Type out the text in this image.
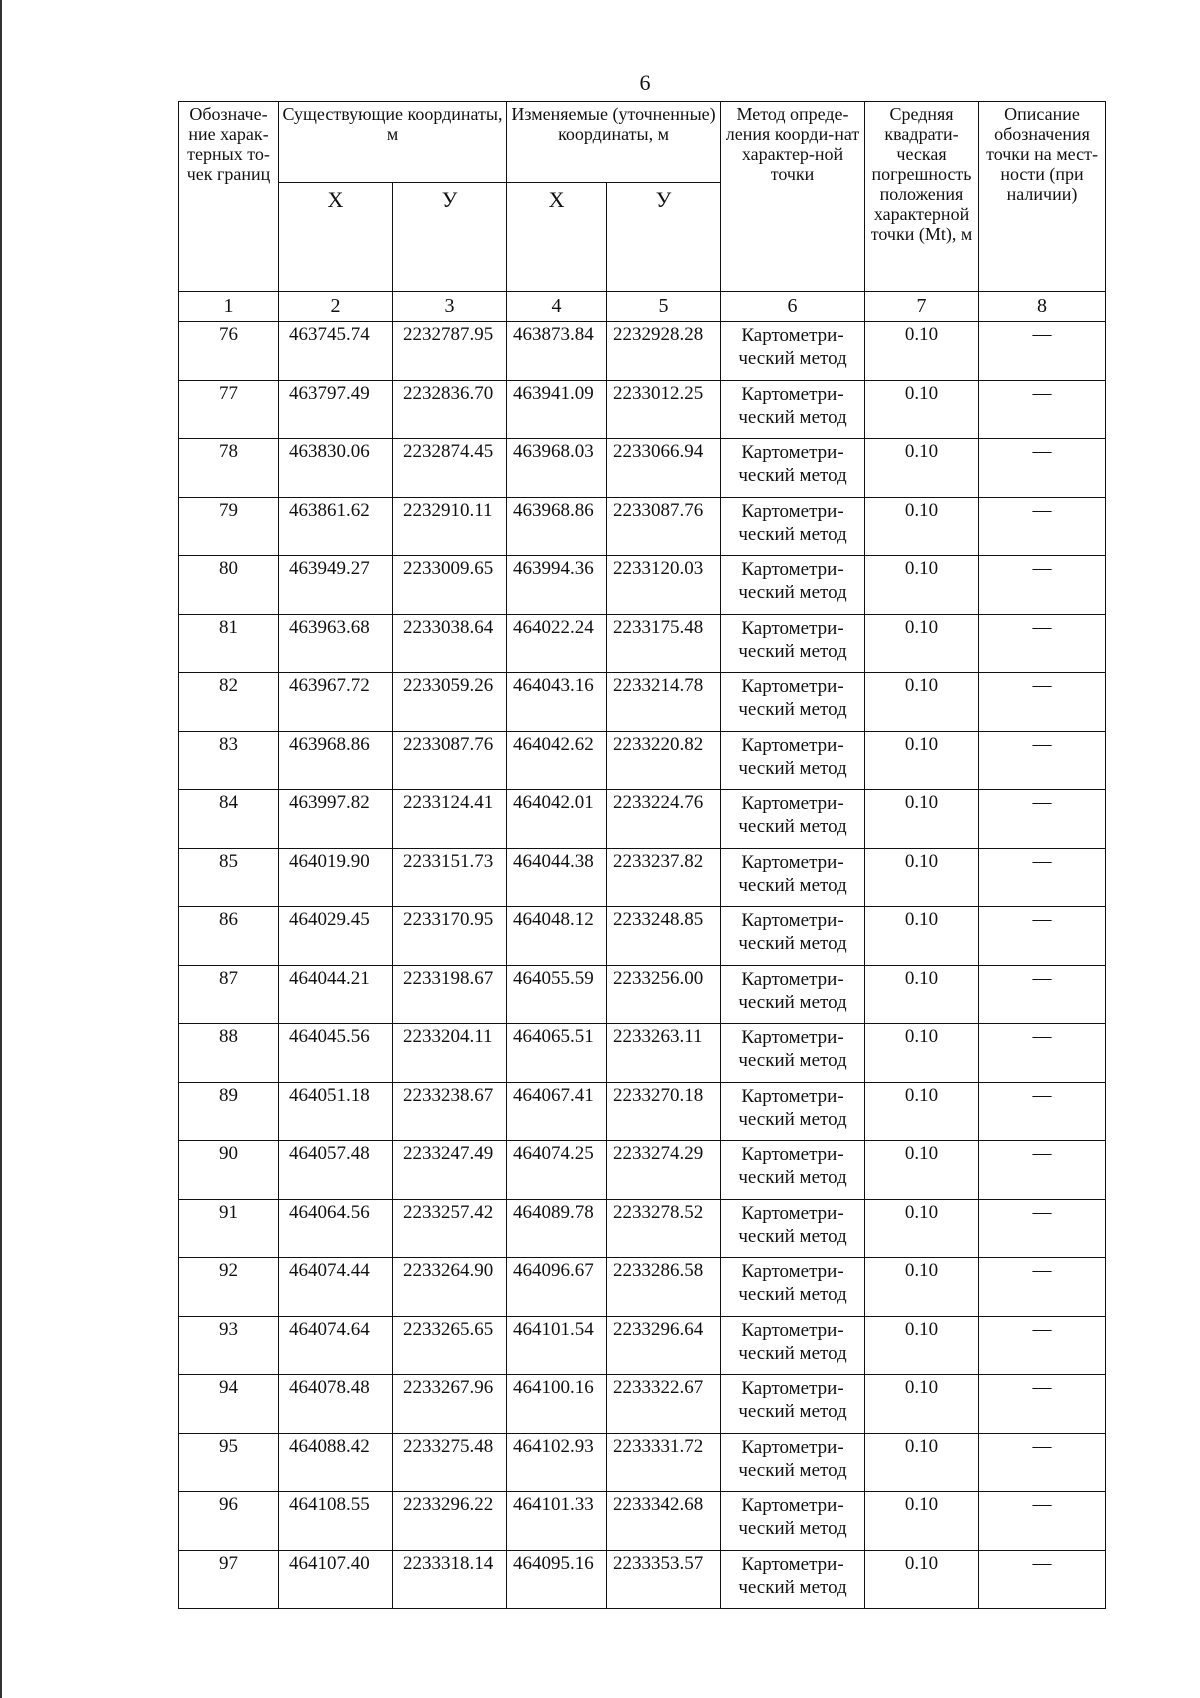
6
Обозначе-ние харак-терных то-чек границ	Существующие координаты, м		Изменяемые (уточненные) координаты, м		Метод опреде-ления коорди-нат характер-ной точки	Средняя квадрати-ческая погрешность положения характерной точки (Mt), м	Описание обозначения точки на мест-ности (при наличии)
	Х	У	Х	У			
1	2	3	4	5	6	7	8
76	463745.74	2232787.95	463873.84	2232928.28	Картометри-ческий метод	0.10	—
77	463797.49	2232836.70	463941.09	2233012.25	Картометри-ческий метод	0.10	—
78	463830.06	2232874.45	463968.03	2233066.94	Картометри-ческий метод	0.10	—
79	463861.62	2232910.11	463968.86	2233087.76	Картометри-ческий метод	0.10	—
80	463949.27	2233009.65	463994.36	2233120.03	Картометри-ческий метод	0.10	—
81	463963.68	2233038.64	464022.24	2233175.48	Картометри-ческий метод	0.10	—
82	463967.72	2233059.26	464043.16	2233214.78	Картометри-ческий метод	0.10	—
83	463968.86	2233087.76	464042.62	2233220.82	Картометри-ческий метод	0.10	—
84	463997.82	2233124.41	464042.01	2233224.76	Картометри-ческий метод	0.10	—
85	464019.90	2233151.73	464044.38	2233237.82	Картометри-ческий метод	0.10	—
86	464029.45	2233170.95	464048.12	2233248.85	Картометри-ческий метод	0.10	—
87	464044.21	2233198.67	464055.59	2233256.00	Картометри-ческий метод	0.10	—
88	464045.56	2233204.11	464065.51	2233263.11	Картометри-ческий метод	0.10	—
89	464051.18	2233238.67	464067.41	2233270.18	Картометри-ческий метод	0.10	—
90	464057.48	2233247.49	464074.25	2233274.29	Картометри-ческий метод	0.10	—
91	464064.56	2233257.42	464089.78	2233278.52	Картометри-ческий метод	0.10	—
92	464074.44	2233264.90	464096.67	2233286.58	Картометри-ческий метод	0.10	—
93	464074.64	2233265.65	464101.54	2233296.64	Картометри-ческий метод	0.10	—
94	464078.48	2233267.96	464100.16	2233322.67	Картометри-ческий метод	0.10	—
95	464088.42	2233275.48	464102.93	2233331.72	Картометри-ческий метод	0.10	—
96	464108.55	2233296.22	464101.33	2233342.68	Картометри-ческий метод	0.10	—
97	464107.40	2233318.14	464095.16	2233353.57	Картометри-ческий метод	0.10	—
